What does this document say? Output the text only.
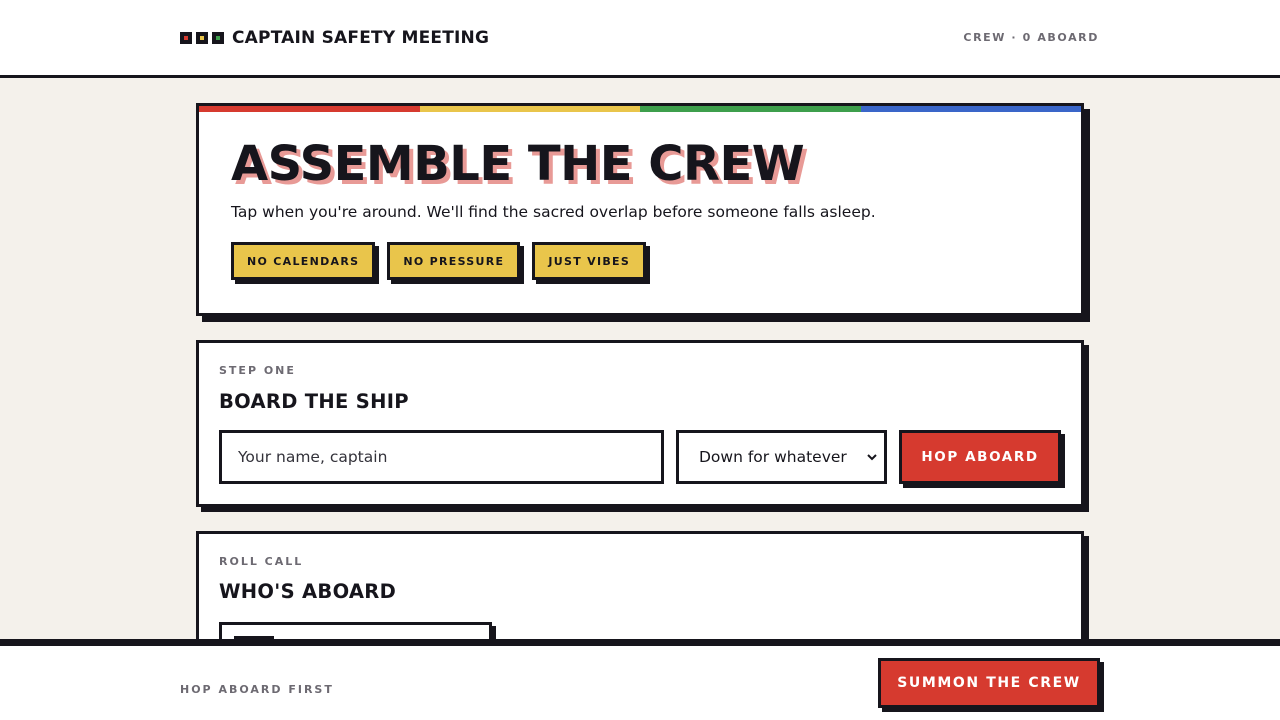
CAPTAIN SAFETY MEETING	CREW · 0 ABOARD
ASSEMBLE THE CREW

Tap when you're around. We'll find the sacred overlap before someone falls asleep.

NO CALENDARS	NO PRESSURE	JUST VIBES
STEP ONE
BOARD THE SHIP
Your name, captain
Down for whatever	HOP ABOARD
ROLL CALL
WHO'S ABOARD
HOP ABOARD FIRST	SUMMON THE CREW
